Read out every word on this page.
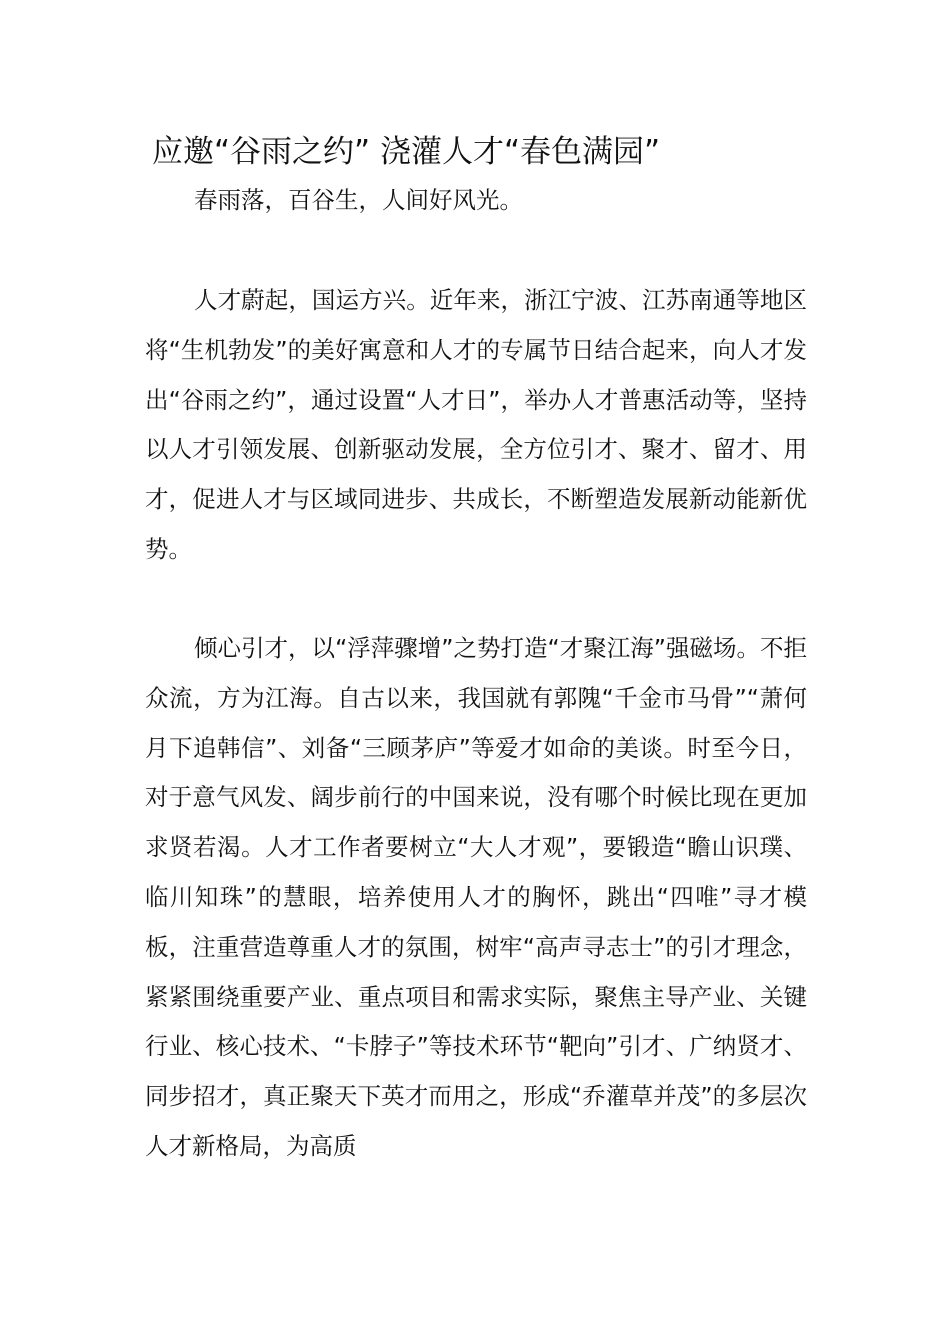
应邀“谷雨之约” 浇灌人才“春色满园”
春雨落，百谷生，人间好风光。

人才蔚起，国运方兴。近年来，浙江宁波、江苏南通等地区将“生机勃发”的美好寓意和人才的专属节日结合起来，向人才发出“谷雨之约”，通过设置“人才日”，举办人才普惠活动等，坚持以人才引领发展、创新驱动发展，全方位引才、聚才、留才、用才，促进人才与区域同进步、共成长，不断塑造发展新动能新优势。

倾心引才，以“浮萍骤增”之势打造“才聚江海”强磁场。不拒众流，方为江海。自古以来，我国就有郭隗“千金市马骨”“萧何月下追韩信”、刘备“三顾茅庐”等爱才如命的美谈。时至今日，对于意气风发、阔步前行的中国来说，没有哪个时候比现在更加求贤若渴。人才工作者要树立“大人才观”，要锻造“瞻山识璞、临川知珠”的慧眼，培养使用人才的胸怀，跳出“四唯”寻才模板，注重营造尊重人才的氛围，树牢“高声寻志士”的引才理念，紧紧围绕重要产业、重点项目和需求实际，聚焦主导产业、关键行业、核心技术、“卡脖子”等技术环节“靶向”引才、广纳贤才、同步招才，真正聚天下英才而用之，形成“乔灌草并茂”的多层次人才新格局，为高质
